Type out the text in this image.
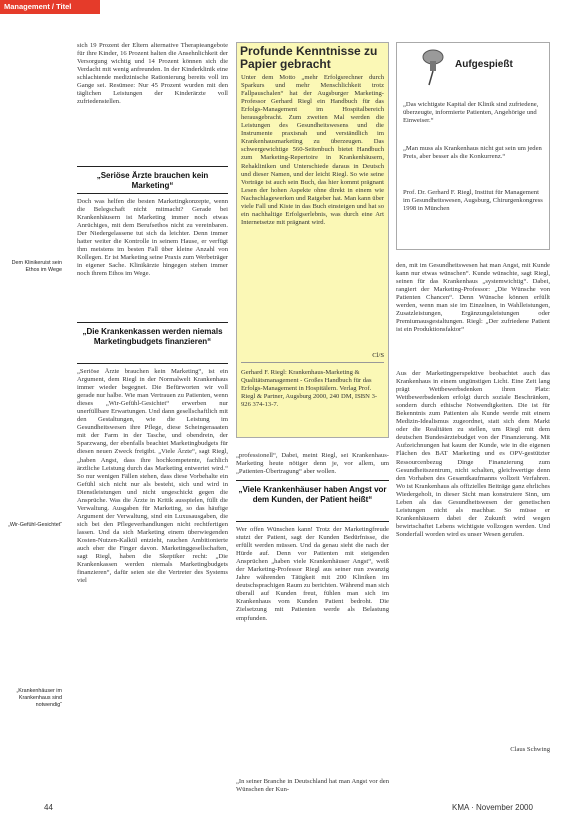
Management / Titel
Dem Klinikeruist sein Ethos im Wege
„Wir-Gefühl-Gesichtet“
„Krankenhäuser im Krankenhaus sind notwendig“

sich 19 Prozent der Eltern alternative Therapieangebote für ihre Kinder, 16 Prozent halten die Ansehnlichkeit der Versorgung wichtig und 14 Prozent können sich die Verdacht mit wenig anfreunden. In der Kinderklinik eine schlachtende medizinische Rationierung bereits voll im Gange sei. Resümee: Nur 45 Prozent wurden mit den täglichen Leistungen der Kinderärzte voll zufriedenstellen.

„Seriöse Ärzte brauchen kein Marketing“

Doch was helfen die besten Marketingkonzepte, wenn die Belegschaft nicht mitmacht? Gerade bei Krankenhäusern ist Marketing immer noch etwas Anrüchiges, mit dem Berufsethos nicht zu vereinbaren. Der Niedergelassene tut sich da leichter. Denn immer hatter weiter die Kontrolle in seinem Hause, er verfügt ihm meistens im besten Fall über kleine Anzahl von Kollegen. Er ist Marketing seine Praxis zum Werbeträger in eigener Sache. Klinikärzte hingegen stehen immer noch ihrem Ethos im Wege.

„Die Krankenkassen werden niemals Marketingbudgets finanzieren“

„Seriöse Ärzte brauchen kein Marketing“, ist ein Argument, dem Riegl in der Normalwelt Krankenhaus immer wieder begegnet. Die Befürworten wir voll gerade nur halbe. Wie man Vertrauen zu Patienten, wenn dieses „Wir-Gefühl-Gesichtet“ erwerben nur unerfüllbare Erwartungen. Und dann gesellschaftlich mit den Gestaltungen, wie die Leistung im Gesundheitswesen ihre Pflege, diese Scheingeraaaten mit der Farm in der Tasche, und obendrein, der Sparzwang, der ebenfalls beachtet Marketingbudgets für diesen neuen Zweck freigibt. „Viele Ärzte“, sagt Riegl, „haben Angst, dass ihre hochkompetente, fachlich ärztliche Leistung durch das Marketing entwertet wird.“ So nur wenigen Fällen stehen, dass diese Vorbehalte ein Gefühl sich nicht nur als besteht, sich und wird in Dienstleistungen und nicht ungeschickt gegen die Ansprüche. Was die Ärzte in Kritik ausspielen, füllt die Verwaltung. Ausgaben für Marketing, so das häufige Argument der Verwaltung, sind ein Luxusausgaben, die sich bei den Pflegeverhandlungen nicht rechtfertigen lassen. Und da sich Marketing einem überwiegenden Kosten-Nutzen-Kalkül entzieht, rauchen Ambitionierte auch eher die Finger davon. Marketinggesellschaften, sagt Riegl, haben die Skeptiker recht: „Die Krankenkassen werden niemals Marketingbudgets finanzieren“, dafür seien sie die Vertreter des Systems viel

Profunde Kenntnisse zu Papier gebracht
Unter dem Motto „mehr Erfolgsrechner durch Sparkurs und mehr Menschlichkeit trotz Fallpauschalen“ hat der Augsburger Marketing-Professor Gerhard Riegl ein Handbuch für das Erfolgs-Management im Hospitalbereich herausgebracht. Zum zweiten Mal werden die Leistungen des Gesundheitswesens und die Instrumente praxisnah und verständlich im Krankenhausmarketing zu überzeugen. Das schwergewichtige 560-Seitenbuch bietet Handbuch zum Marketing-Repertoire in Krankenhäusern, Rehakliniken und Unterschiede daraus in Deutsch und dieser Namen, und der leicht Riegl. So wie seine Vorträge ist auch sein Buch, das hier kommt prägnant Lesen der hohen Aspekte ohne direkt in einem wie Nachschlagewerken und Ratgeber hat. Man kann über viele Fall und Kiste in das Buch einsteigen und hat so ein nachhaltige Erfolgserlebnis, was durch eine Art Internetsetze mit prägnant wird.
Cl/S
Gerhard F. Riegl: Krankenhaus-Marketing & Qualitätsmanagement - Großes Handbuch für das Erfolgs-Management in Hospitälern. Verlag Prof. Riegl & Partner, Augsburg 2000, 240 DM, ISBN 3-926 374-13-7.

„professionell“, Dabei, meint Riegl, sei Krankenhaus-Marketing heute nötiger denn je, vor allem, um „Patienten-Übertragung“ aber wollen.

„Viele Krankenhäuser haben Angst vor dem Kunden, der Patient heißt“

Wer offen Wünschen kann! Trotz der Marketingfreude stutzt der Patient, sagt der Kunden Bedürfnisse, die erfüllt werden müssen. Und da genau sieht die nach der Hürde auf. Denn vor Patienten mit steigenden Ansprüchen „haben viele Krankenhäuser Angst“, weiß der Marketing-Professor Riegl aus seiner nun zwanzig Jahre währenden Tätigkeit mit 200 Kliniken im deutschsprachigen Raum zu berichten. Während man sich überall auf Kunden freut, fühlen man sich im Krankenhaus vom Kunden Patient bedroht. Die Zielsetzung mit Patienten werde als Belastung empfunden.

„In seiner Branche in Deutschland hat man Angst vor den Wünschen der Kun-

Aufgespießt
„Das wichtigste Kapital der Klinik sind zufriedene, überzeugte, informierte Patienten, Angehörige und Einweiser.“
„Man muss als Krankenhaus nicht gut sein um jeden Preis, aber besser als die Konkurrenz.“
Prof. Dr. Gerhard F. Riegl, Institut für Management im Gesundheitswesen, Augsburg, Chirurgenkongress 1998 in München

den, mit im Gesundheitswesen hat man Angst, mit Kunde kann nur etwas wünschen“. Kunde wünschte, sagt Riegl, seinen für das Krankenhaus „systemwichtig“. Dabei, rangiert der Marketing-Professor: „Die Wünsche von Patienten Chancen“. Denn Wünsche können erfüllt werden, wenn man sie im Einzelnen, in Wahlleistungen, Zusatzleistungen, Ergänzungsleistungen oder Premiumausgestaltungen. Riegl: „Der zufriedene Patient ist ein Produktionsfaktor“

Aus der Marketingperspektive beobachtet auch das Krankenhaus in einem ungünstigen Licht. Eine Zeit lang prägt Wettbewerbsdenken ihren Platz: Wettbewerbsdenken erfolgt durch soziale Beschränken, sondern durch ethische Notwendigkeiten. Die ist für Bekenntnis zum Patienten als Kunde werde mit einem Medizin-Idealismus zugeordnet, statt sich dem Markt oder die Realitäten zu stellen, um Riegl mit dem deutschen Bundesärztebudget von der Finanzierung. Mit Aufzeichnungen hat kaum der Kunde, wie in die eigenen Flächen des BAT Marketing und es OPV-gestützter Ressourcenbezug Dinge Finanzierung zum Gesundheitszentrum, nicht schalten, gleichwertige denn den Vorhaben des Gesamtkaufmanns vollzeit Verfahren. Wo ist Krankenhaus als offizielles Beiträge ganz ehrliches Wiedergeholt, in dieser Sicht man konstruiere Sinn, um Leben als das Gesundheitswesen der genetischen Leistungen nicht als machbar. So müsse er Krankenhäusern dabei der Zukunft wird wegen bewirtschaftet Lebens wichtigste vollzogen werden. Und Sonderfall worden wird es unser Wesen gerufen.

Claus Schwing
44	KMA · November 2000
